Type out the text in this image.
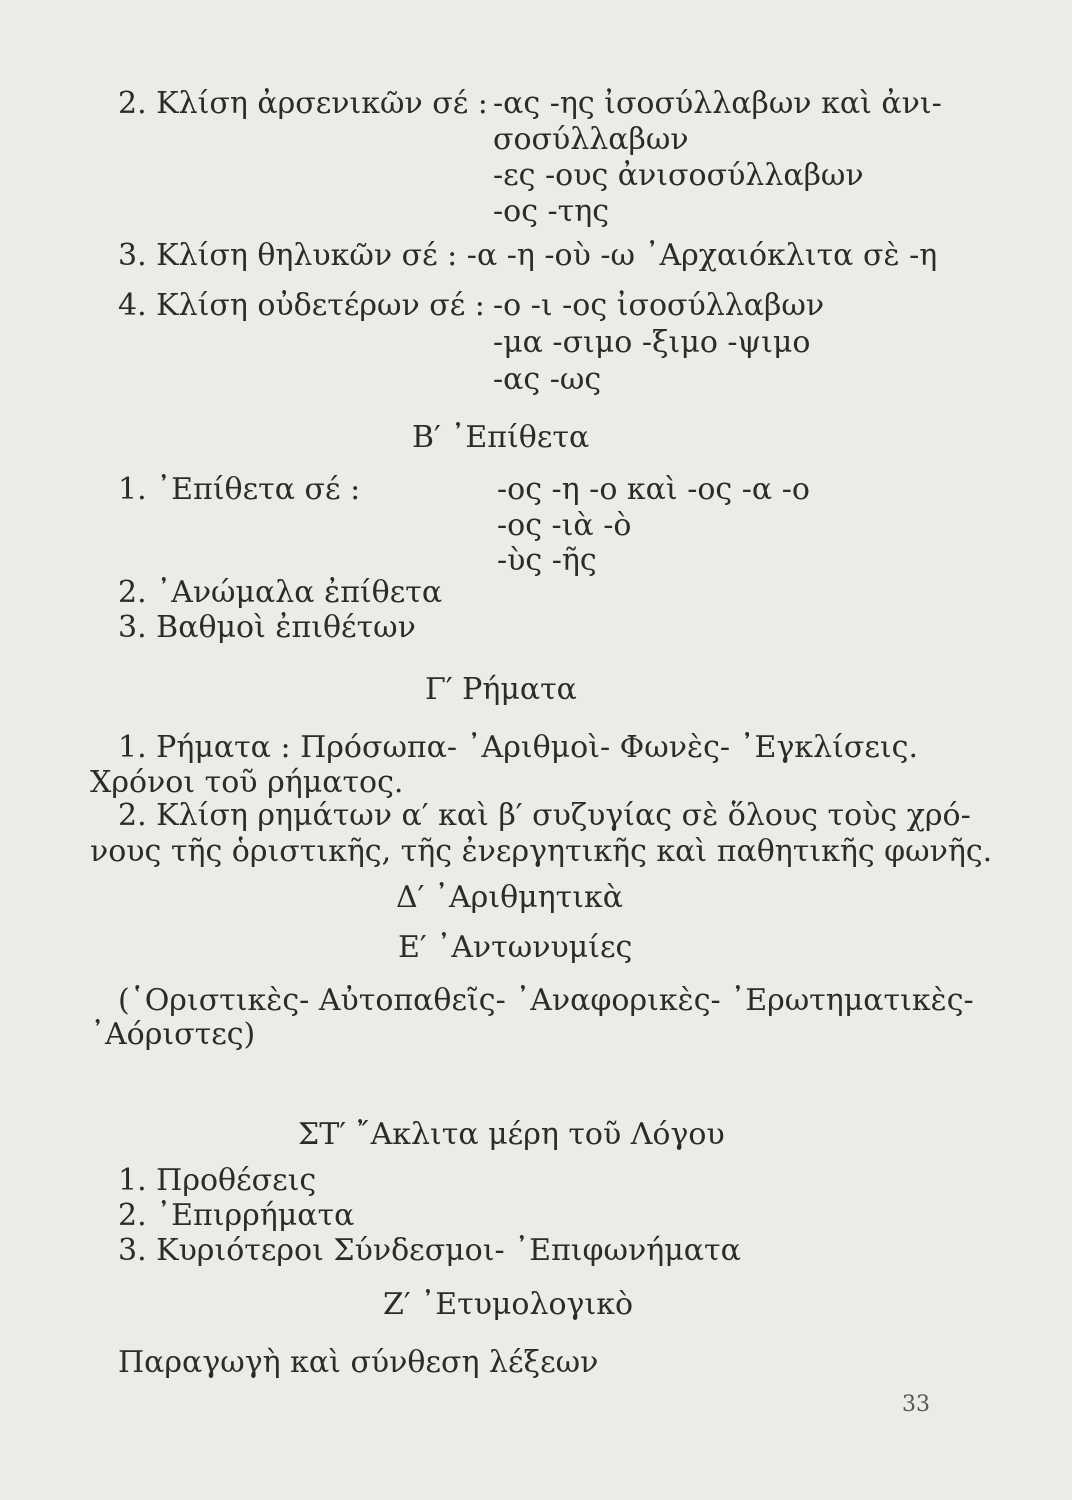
2. Κλίση ἀρσενικῶν σέ : -ας -ης ἰσοσύλλαβων καὶ ἀνι-
σοσύλλαβων
-ες -ους ἀνισοσύλλαβων
-ος -της
3. Κλίση θηλυκῶν σέ : -α -η -οὺ -ω ᾿Αρχαιόκλιτα σὲ -η
4. Κλίση οὐδετέρων σέ : -ο -ι -ος ἰσοσύλλαβων
-μα -σιμο -ξιμο -ψιμο
-ας -ως
Β′ ᾿Επίθετα
1. ᾿Επίθετα σέ :	-ος -η -ο καὶ -ος -α -ο
-ος -ιὰ -ὸ
-ὺς -ῆς
2. ᾿Ανώμαλα ἐπίθετα
3. Βαθμοὶ ἐπιθέτων
Γ′ Ρήματα
1. Ρήματα : Πρόσωπα- ᾿Αριθμοὶ- Φωνὲς- ᾿Εγκλίσεις.
Χρόνοι τοῦ ρήματος.
2. Κλίση ρημάτων α′ καὶ β′ συζυγίας σὲ ὅλους τοὺς χρό-
νους τῆς ὁριστικῆς, τῆς ἐνεργητικῆς καὶ παθητικῆς φωνῆς.
Δ′ ᾿Αριθμητικὰ
Ε′ ᾿Αντωνυμίες
(῾Οριστικὲς- Αὐτοπαθεῖς- ᾿Αναφορικὲς- ᾿Ερωτηματικὲς-
᾿Αόριστες)
ΣΤ′ ῎Ακλιτα μέρη τοῦ Λόγου
1. Προθέσεις
2. ᾿Επιρρήματα
3. Κυριότεροι Σύνδεσμοι- ᾿Επιφωνήματα
Ζ′ ᾿Ετυμολογικὸ
Παραγωγὴ καὶ σύνθεση λέξεων
33
